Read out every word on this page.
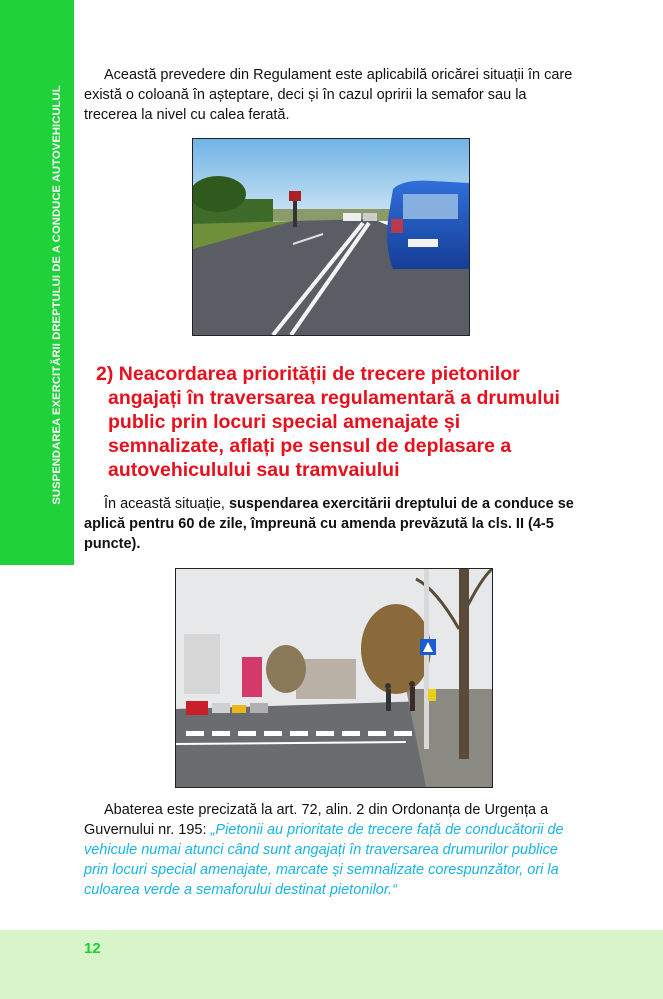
SUSPENDAREA EXERCITĂRII DREPTULUI DE A CONDUCE AUTOVEHICULUL
Această prevedere din Regulament este aplicabilă oricărei situații în care există o coloană în așteptare, deci și în cazul opririi la semafor sau la trecerea la nivel cu calea ferată.
2) Neacordarea priorității de trecere pietonilor
angajați în traversarea regulamentară a drumului
public prin locuri special amenajate și
semnalizate, aflați pe sensul de deplasare a
autovehiculului sau tramvaiului
În această situație, suspendarea exercitării dreptului de a conduce se aplică pentru 60 de zile, împreună cu amenda prevăzută la cls. II (4-5 puncte).
Abaterea este precizată la art. 72, alin. 2 din Ordonanța de Urgența a Guvernului nr. 195: „Pietonii au prioritate de trecere față de conducătorii de vehicule numai atunci când sunt angajați în traversarea drumurilor publice prin locuri special amenajate, marcate și semnalizate corespunzător, ori la culoarea verde a semaforului destinat pietonilor.“
12
